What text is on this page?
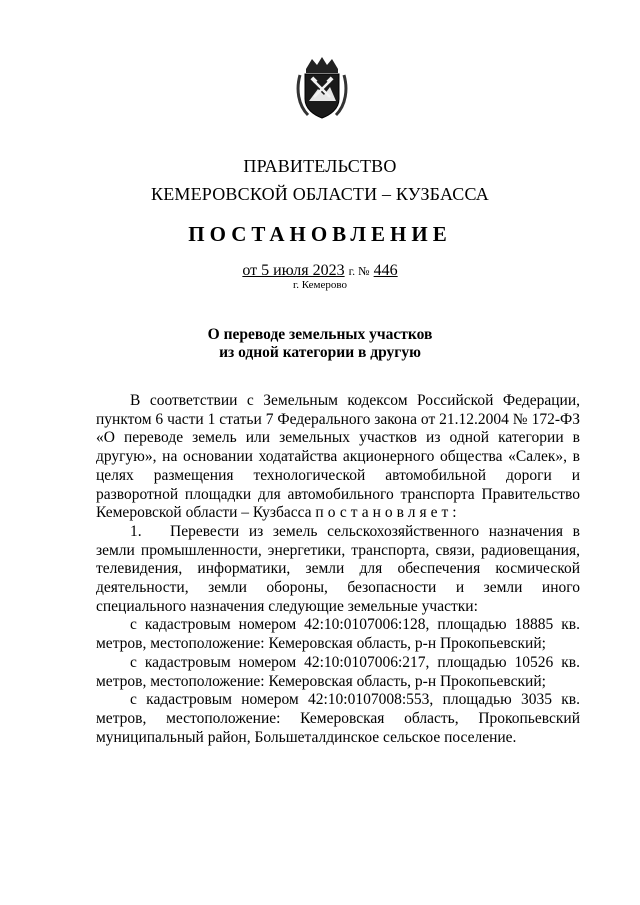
ПРАВИТЕЛЬСТВО
КЕМЕРОВСКОЙ ОБЛАСТИ – КУЗБАССА
ПОСТАНОВЛЕНИЕ
от 5 июля 2023 г. № 446
г. Кемерово
О переводе земельных участков
из одной категории в другую

В соответствии с Земельным кодексом Российской Федерации, пунктом 6 части 1 статьи 7 Федерального закона от 21.12.2004 № 172-ФЗ «О переводе земель или земельных участков из одной категории в другую», на основании ходатайства акционерного общества «Салек», в целях размещения технологической автомобильной дороги и разворотной площадки для автомобильного транспорта Правительство Кемеровской области – Кузбасса постановляет:

1. Перевести из земель сельскохозяйственного назначения в земли промышленности, энергетики, транспорта, связи, радиовещания, телевидения, информатики, земли для обеспечения космической деятельности, земли обороны, безопасности и земли иного специального назначения следующие земельные участки:

с кадастровым номером 42:10:0107006:128, площадью 18885 кв. метров, местоположение: Кемеровская область, р-н Прокопьевский;

с кадастровым номером 42:10:0107006:217, площадью 10526 кв. метров, местоположение: Кемеровская область, р-н Прокопьевский;

с кадастровым номером 42:10:0107008:553, площадью 3035 кв. метров, местоположение: Кемеровская область, Прокопьевский муниципальный район, Большеталдинское сельское поселение.
